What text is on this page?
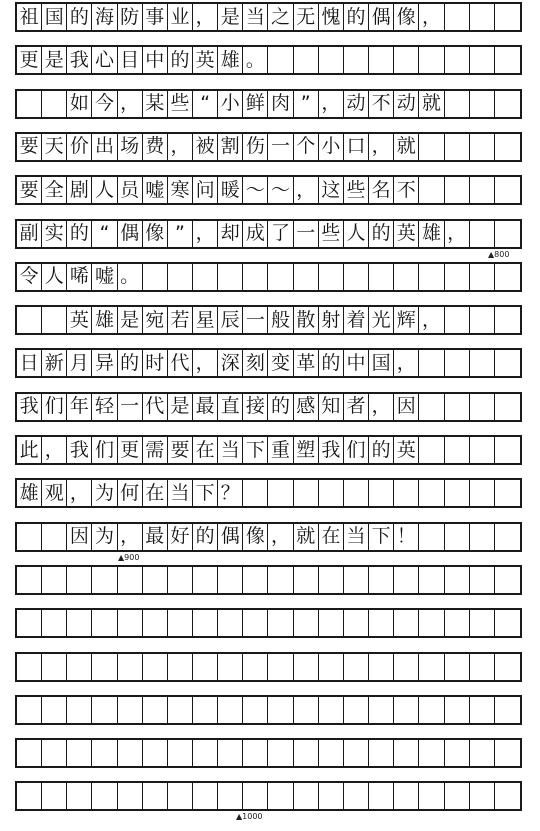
祖 国 的 海 防 事 业 ， 是 当 之 无 愧 的 偶 像 ，
更 是 我 心 目 中 的 英 雄 。
如 今 ， 某 些 “ 小 鲜 肉 ” ， 动 不 动 就
要 天 价 出 场 费 ， 被 割 伤 一 个 小 口 ， 就
要 全 剧 人 员 嘘 寒 问 暖 ～ ～ ， 这 些 名 不
副 实 的 “ 偶 像 ” ， 却 成 了 一 些 人 的 英 雄 ，
令 人 唏 嘘 。
英 雄 是 宛 若 星 辰 一 般 散 射 着 光 辉 ，
日 新 月 异 的 时 代 ， 深 刻 变 革 的 中 国 ，
我 们 年 轻 一 代 是 最 直 接 的 感 知 者 ， 因
此 ， 我 们 更 需 要 在 当 下 重 塑 我 们 的 英
雄 观 ， 为 何 在 当 下 ？
因 为 ， 最 好 的 偶 像 ， 就 在 当 下 ！
▲800
▲900
▲1000
